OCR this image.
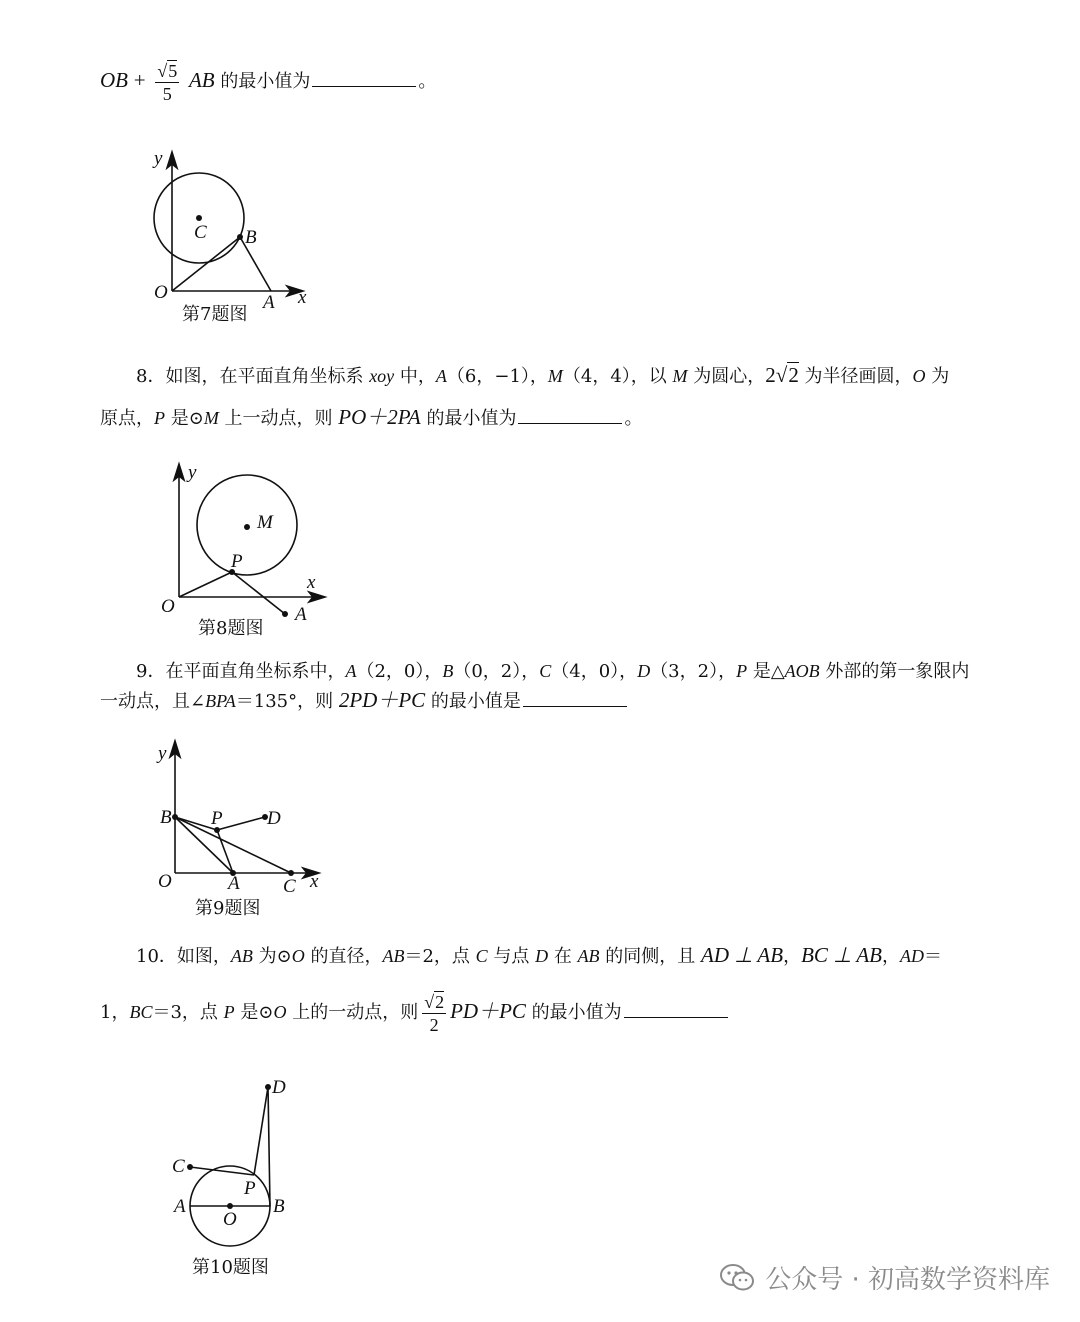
OB + $\frac{√5}{5}$ AB 的最小值为	。
y
x
O	A
B
C
第7题图
8．如图，在平面直角坐标系 xoy 中，A（6，−1），M（4，4），以 M 为圆心，2√2 为半径画圆，O 为
原点，P 是⊙M 上一动点，则 PO＋2PA 的最小值为	。
y
x
O	A
M
P
第8题图
9．在平面直角坐标系中，A（2，0），B（0，2），C（4，0），D（3，2），P 是△AOB 外部的第一象限内
一动点，且∠BPA＝135°，则 2PD＋PC 的最小值是
y
x
O
B P D
A C
第9题图
10．如图，AB 为⊙O 的直径，AB＝2，点 C 与点 D 在 AB 的同侧，且 AD ⊥ AB，BC ⊥ AB，AD＝
1，BC＝3，点 P 是⊙O 上的一动点，则 $\frac{√2}{2} PD+PC$ 的最小值为
C
D
A	B
O
P
第10题图	公众号 · 初高数学资料库
